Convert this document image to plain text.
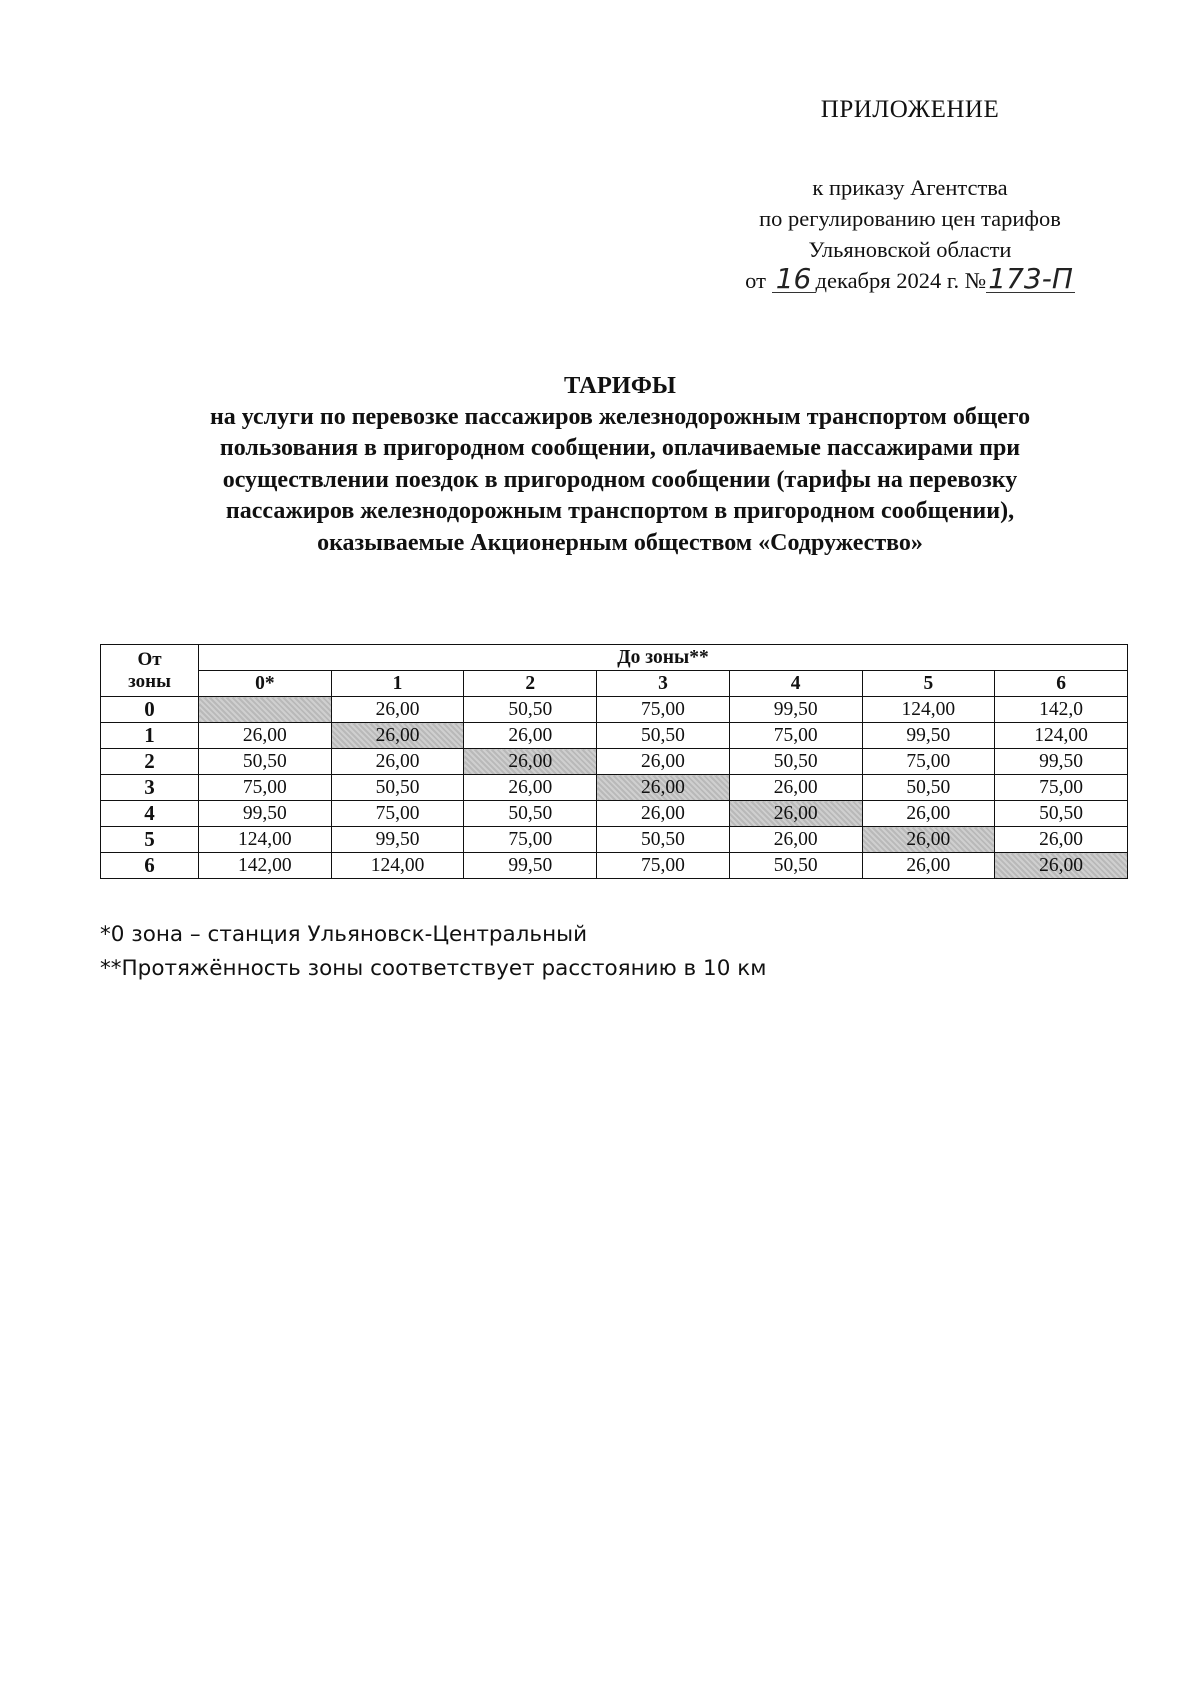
ПРИЛОЖЕНИЕ
к приказу Агентства
по регулированию цен тарифов
Ульяновской области
от 16 декабря 2024 г. №173-П
ТАРИФЫ
на услуги по перевозке пассажиров железнодорожным транспортом общего
пользования в пригородном сообщении, оплачиваемые пассажирами при
осуществлении поездок в пригородном сообщении (тарифы на перевозку
пассажиров железнодорожным транспортом в пригородном сообщении),
оказываемые Акционерным обществом «Содружество»
От
зоны	До зоны**						
	0*	1	2	3	4	5	6
0		26,00	50,50	75,00	99,50	124,00	142,0
1	26,00	26,00	26,00	50,50	75,00	99,50	124,00
2	50,50	26,00	26,00	26,00	50,50	75,00	99,50
3	75,00	50,50	26,00	26,00	26,00	50,50	75,00
4	99,50	75,00	50,50	26,00	26,00	26,00	50,50
5	124,00	99,50	75,00	50,50	26,00	26,00	26,00
6	142,00	124,00	99,50	75,00	50,50	26,00	26,00
*0 зона – станция Ульяновск-Центральный
**Протяжённость зоны соответствует расстоянию в 10 км
